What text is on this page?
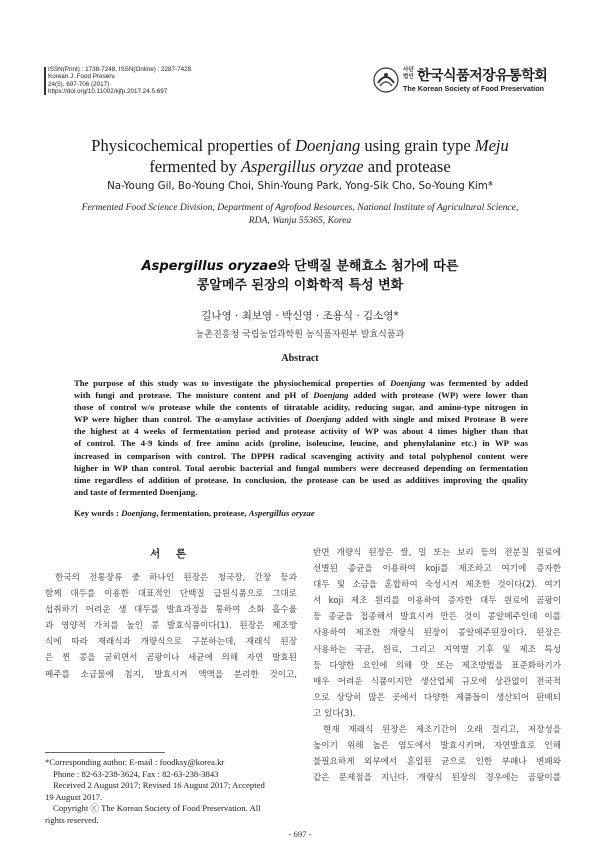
ISSN(Print) : 1738-7248, ISSN(Online) : 2287-7428
Korean J. Food Preserv.
24(5), 697-706 (2017)
https://doi.org/10.11002/kjfp.2017.24.5.697
사단
법인 한국식품저장유통학회
The Korean Society of Food Preservation
Physicochemical properties of Doenjang using grain type Meju
fermented by Aspergillus oryzae and protease
Na-Young Gil, Bo-Young Choi, Shin-Young Park, Yong-Sik Cho, So-Young Kim*
Fermented Food Science Division, Department of Agrofood Resources, National Institute of Agricultural Science,
RDA, Wanju 55365, Korea
Aspergillus oryzae와 단백질 분해효소 첨가에 따른
콩알메주 된장의 이화학적 특성 변화
길나영 · 최보영 · 박신영 · 조용식 · 김소영*
농촌진흥청 국립농업과학원 농식품자원부 발효식품과
Abstract
The purpose of this study was to investigate the physiochemical properties of Doenjang was fermented by added
with fungi and protease. The moisture content and pH of Doenjang added with protease (WP) were lower than
those of control w/o protease while the contents of titratable acidity, reducing sugar, and amino-type nitrogen in
WP were higher than control. The α-amylase activities of Doenjang added with single and mixed Protease B were
the highest at 4 weeks of fermentation period and protease activity of WP was about 4 times higher than that
of control. The 4-9 kinds of free amino acids (proline, isoleucine, leucine, and phenylalanine etc.) in WP was
increased in comparison with control. The DPPH radical scavenging activity and total polyphenol content were
higher in WP than control. Total aerobic bacterial and fungal numbers were decreased depending on fermentation
time regardless of addition of protease. In conclusion, the protease can be used as additives improving the quality
and taste of fermented Doenjang.
Key words : Doenjang, fermentation, protease, Aspergillus oryzae
서 론
한국의 전통장류 중 하나인 된장은 청국장, 간장 등과
함께 대두를 이용한 대표적인 단백질 급원식품으로 그대로
섭취하기 어려운 생 대두를 발효과정을 통하여 소화 흡수율
과 영양적 가치를 높인 콩 발효식품이다(1). 된장은 제조방
식에 따라 재래식과 개량식으로 구분하는데, 재래식 된장
은 찐 콩을 굳히면서 곰팡이나 세균에 의해 자연 발효된
메주를 소금물에 침지, 발효시켜 액액을 분리한 것이고,
반면 개량식 된장은 쌀, 밀 또는 보리 등의 전분질 원료에
선별된 종균을 이용하여 koji를 제조하고 여기에 증자한
대두 및 소금을 혼합하여 숙성시켜 제조한 것이다(2). 여기
서 koji 제조 원리를 이용하여 증자한 대두 원료에 곰팡이
등 종균을 접종해서 발효시켜 만든 것이 콩알메주인데 이를
사용하여 제조한 개량식 된장이 콩알메주된장이다. 된장은
사용하는 국균, 원료, 그리고 지역별 기후 및 제조 특성
등 다양한 요인에 의해 맛 또는 제조방법을 표준화하기가
매우 어려운 식품이지만 생산업체 규모에 상관없이 전국적
으로 상당히 많은 곳에서 다양한 제품들이 생산되어 판매되
고 있다(3).
현재 재래식 된장은 제조기간이 오래 걸리고, 저장성을
높이기 위해 높은 염도에서 발효시키며, 자연발효로 인해
불필요하게 외부에서 혼입된 균으로 인한 부패나 변패와
같은 문제점을 지닌다. 개량식 된장의 경우에는 곰팡이를
*Corresponding author. E-mail : foodksy@korea.kr
Phone : 82-63-238-3624, Fax : 82-63-238-3843
Received 2 August 2017; Revised 16 August 2017; Accepted
19 August 2017.
Copyright ⓒ The Korean Society of Food Preservation. All
rights reserved.
- 697 -
